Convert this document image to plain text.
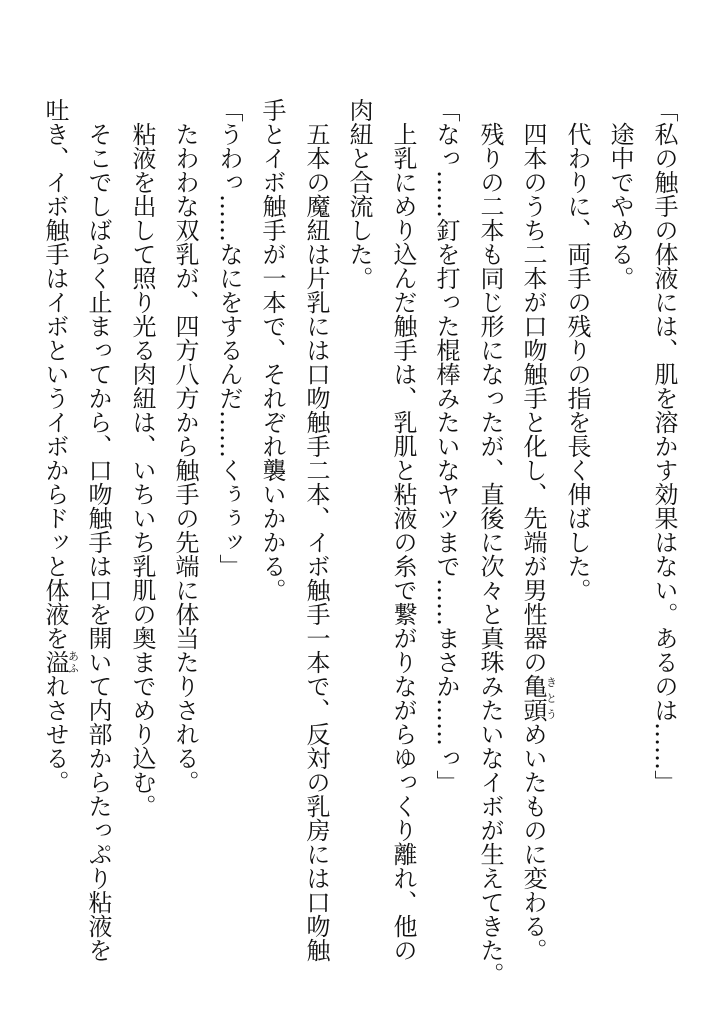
「私の触手の体液には、肌を溶かす効果はない。あるのは……」
　途中でやめる。
　代わりに、両手の残りの指を長く伸ばした。
　四本のうち二本が口吻触手と化し、先端が男性器の亀頭きとうめいたものに変わる。
　残りの二本も同じ形になったが、直後に次々と真珠みたいなイボが生えてきた。
「なっ……釘を打った棍棒みたいなヤツまで……まさか……っ」
　上乳にめり込んだ触手は、乳肌と粘液の糸で繋がりながらゆっくり離れ、他の
肉紐と合流した。
　五本の魔紐は片乳には口吻触手二本、イボ触手一本で、反対の乳房には口吻触
手とイボ触手が一本で、それぞれ襲いかかる。
「うわっ……なにをするんだ……くぅぅッ」
　たわわな双乳が、四方八方から触手の先端に体当たりされる。
　粘液を出して照り光る肉紐は、いちいち乳肌の奥までめり込む。
　そこでしばらく止まってから、口吻触手は口を開いて内部からたっぷり粘液を
吐き、イボ触手はイボというイボからドッと体液を溢あふれさせる。
